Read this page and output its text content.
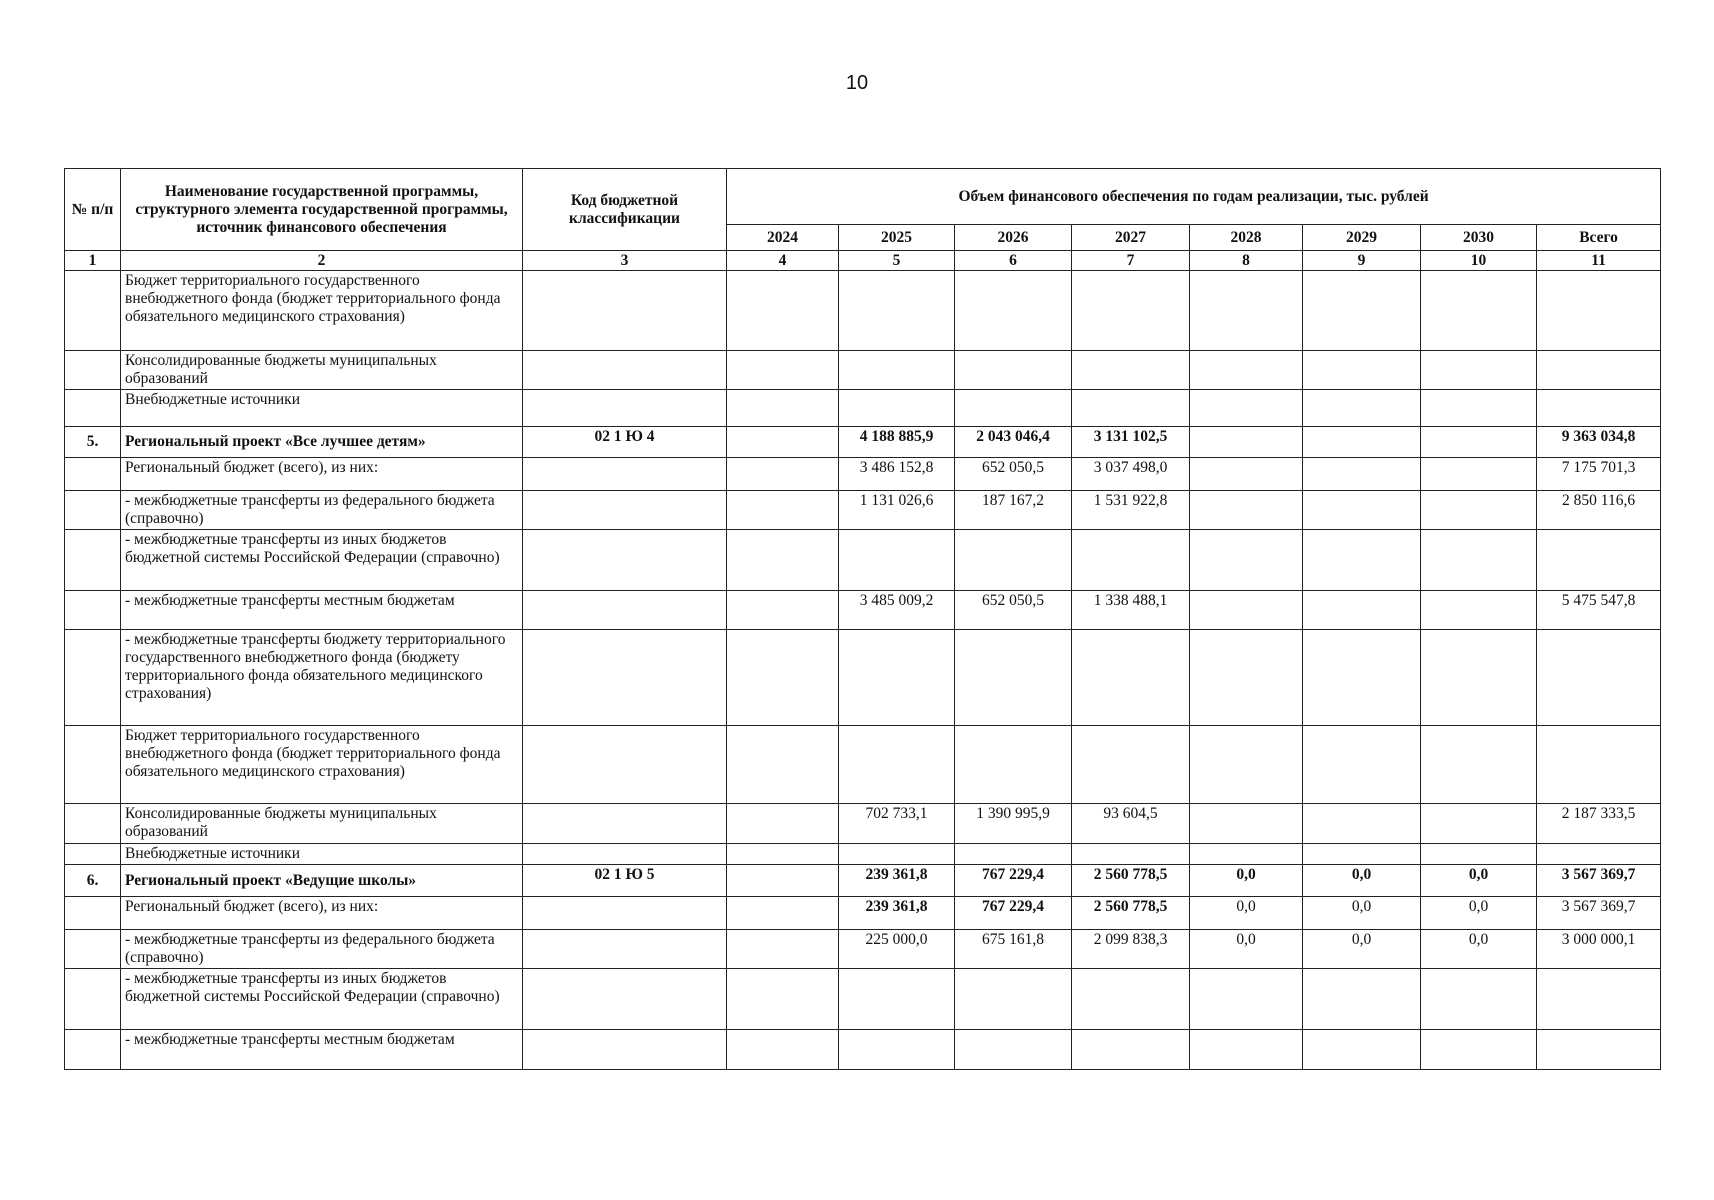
10
№ п/п	Наименование государственной программы, структурного элемента государственной программы, источник финансового обеспечения	Код бюджетной классификации	Объем финансового обеспечения по годам реализации, тыс. рублей							
			2024	2025	2026	2027	2028	2029	2030	Всего
1	2	3	4	5	6	7	8	9	10	11
	Бюджет территориального государственного внебюджетного фонда (бюджет территориального фонда обязательного медицинского страхования)									
	Консолидированные бюджеты муниципальных образований									
	Внебюджетные источники									
5.	Региональный проект «Все лучшее детям»	02 1 Ю 4		4 188 885,9	2 043 046,4	3 131 102,5				9 363 034,8
	Региональный бюджет (всего), из них:			3 486 152,8	652 050,5	3 037 498,0				7 175 701,3
	- межбюджетные трансферты из федерального бюджета (справочно)			1 131 026,6	187 167,2	1 531 922,8				2 850 116,6
	- межбюджетные трансферты из иных бюджетов бюджетной системы Российской Федерации (справочно)									
	- межбюджетные трансферты местным бюджетам			3 485 009,2	652 050,5	1 338 488,1				5 475 547,8
	- межбюджетные трансферты бюджету территориального государственного внебюджетного фонда (бюджету территориального фонда обязательного медицинского страхования)									
	Бюджет территориального государственного внебюджетного фонда (бюджет территориального фонда обязательного медицинского страхования)									
	Консолидированные бюджеты муниципальных образований			702 733,1	1 390 995,9	93 604,5				2 187 333,5
	Внебюджетные источники									
6.	Региональный проект «Ведущие школы»	02 1 Ю 5		239 361,8	767 229,4	2 560 778,5	0,0	0,0	0,0	3 567 369,7
	Региональный бюджет (всего), из них:			239 361,8	767 229,4	2 560 778,5	0,0	0,0	0,0	3 567 369,7
	- межбюджетные трансферты из федерального бюджета (справочно)			225 000,0	675 161,8	2 099 838,3	0,0	0,0	0,0	3 000 000,1
	- межбюджетные трансферты из иных бюджетов бюджетной системы Российской Федерации (справочно)									
	- межбюджетные трансферты местным бюджетам									
